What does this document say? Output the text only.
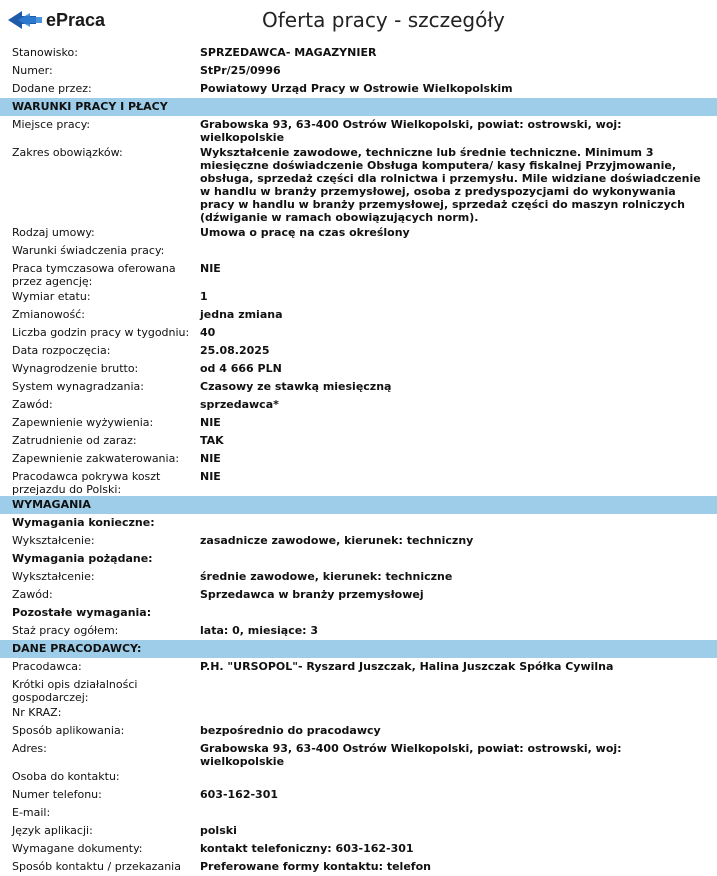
ePraca	Oferta pracy - szczegóły
Stanowisko:	SPRZEDAWCA- MAGAZYNIER
Numer:	StPr/25/0996
Dodane przez:	Powiatowy Urząd Pracy w Ostrowie Wielkopolskim
WARUNKI PRACY I PŁACY
Miejsce pracy:	Grabowska 93, 63-400 Ostrów Wielkopolski, powiat: ostrowski, woj: wielkopolskie
Zakres obowiązków:	Wykształcenie zawodowe, techniczne lub średnie techniczne. Minimum 3 miesięczne doświadczenie Obsługa komputera/ kasy fiskalnej Przyjmowanie, obsługa, sprzedaż części dla rolnictwa i przemysłu. Mile widziane doświadczenie w handlu w branży przemysłowej, osoba z predyspozycjami do wykonywania pracy w handlu w branży przemysłowej, sprzedaż części do maszyn rolniczych (dźwiganie w ramach obowiązujących norm).
Rodzaj umowy:	Umowa o pracę na czas określony
Warunki świadczenia pracy:
Praca tymczasowa oferowana przez agencję:
NIE
Wymiar etatu:	1
Zmianowość:	jedna zmiana
Liczba godzin pracy w tygodniu: 40
Data rozpoczęcia:	25.08.2025
Wynagrodzenie brutto:	od 4 666 PLN
System wynagradzania:	Czasowy ze stawką miesięczną
Zawód:	sprzedawca*
Zapewnienie wyżywienia:	NIE
Zatrudnienie od zaraz:	TAK
Zapewnienie zakwaterowania:	NIE
Pracodawca pokrywa koszt przejazdu do Polski:
NIE
WYMAGANIA
Wymagania konieczne:
Wykształcenie:	zasadnicze zawodowe, kierunek: techniczny
Wymagania pożądane:
Wykształcenie:	średnie zawodowe, kierunek: techniczne
Zawód:	Sprzedawca w branży przemysłowej
Pozostałe wymagania:
Staż pracy ogółem:	lata: 0, miesiące: 3
DANE PRACODAWCY:
Pracodawca:	P.H. "URSOPOL"- Ryszard Juszczak, Halina Juszczak Spółka Cywilna
Krótki opis działalności gospodarczej:
Nr KRAZ:
Sposób aplikowania:	bezpośrednio do pracodawcy
Adres:	Grabowska 93, 63-400 Ostrów Wielkopolski, powiat: ostrowski, woj: wielkopolskie
Osoba do kontaktu:
Numer telefonu:	603-162-301
E-mail:
Język aplikacji:	polski
Wymagane dokumenty:	kontakt telefoniczny: 603-162-301
Sposób kontaktu / przekazania	Preferowane formy kontaktu: telefon
